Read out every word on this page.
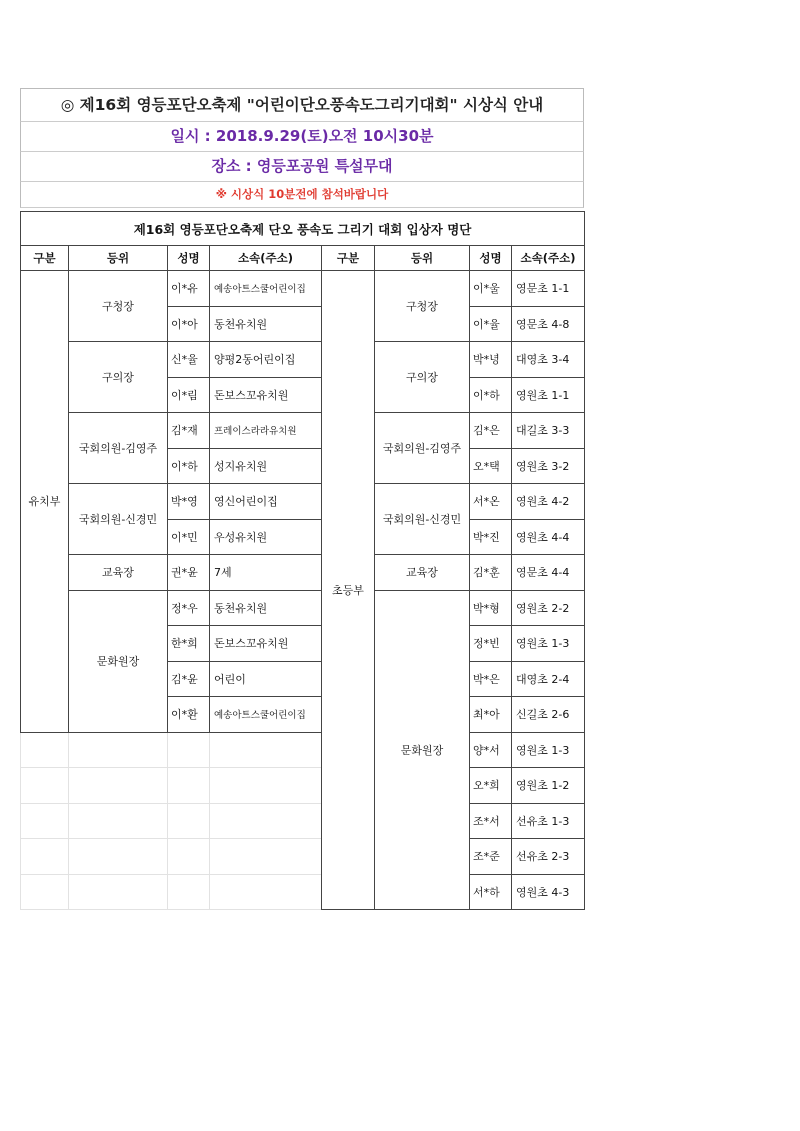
◎ 제16회 영등포단오축제 "어린이단오풍속도그리기대회" 시상식 안내
일시 : 2018.9.29(토)오전 10시30분
장소 : 영등포공원 특설무대
※ 시상식 10분전에 참석바랍니다
제16회 영등포단오축제 단오 풍속도 그리기 대회 입상자 명단							
구분	등위	성명	소속(주소)	구분	등위	성명	소속(주소)
유치부	구청장	이*유	예송아트스쿨어린이집	초등부	구청장	이*울	영문초 1-1
		이*아	동천유치원			이*율	영문초 4-8
	구의장	신*율	양평2동어린이집		구의장	박*녕	대영초 3-4
		이*림	돈보스꼬유치원			이*하	영원초 1-1
	국회의원-김영주	김*재	프레이스라라유치원		국회의원-김영주	김*은	대길초 3-3
		이*하	성지유치원			오*택	영원초 3-2
	국회의원-신경민	박*영	영신어린이집		국회의원-신경민	서*온	영원초 4-2
		이*민	우성유치원			박*진	영원초 4-4
	교육장	권*윤	7세		교육장	김*훈	영문초 4-4
	문화원장	정*우	동천유치원		문화원장	박*형	영원초 2-2
		한*희	돈보스꼬유치원			정*빈	영원초 1-3
		김*윤	어린이			박*은	대영초 2-4
		이*환	예송아트스쿨어린이집			최*아	신길초 2-6
						양*서	영원초 1-3
						오*희	영원초 1-2
						조*서	선유초 1-3
						조*준	선유초 2-3
						서*하	영원초 4-3
